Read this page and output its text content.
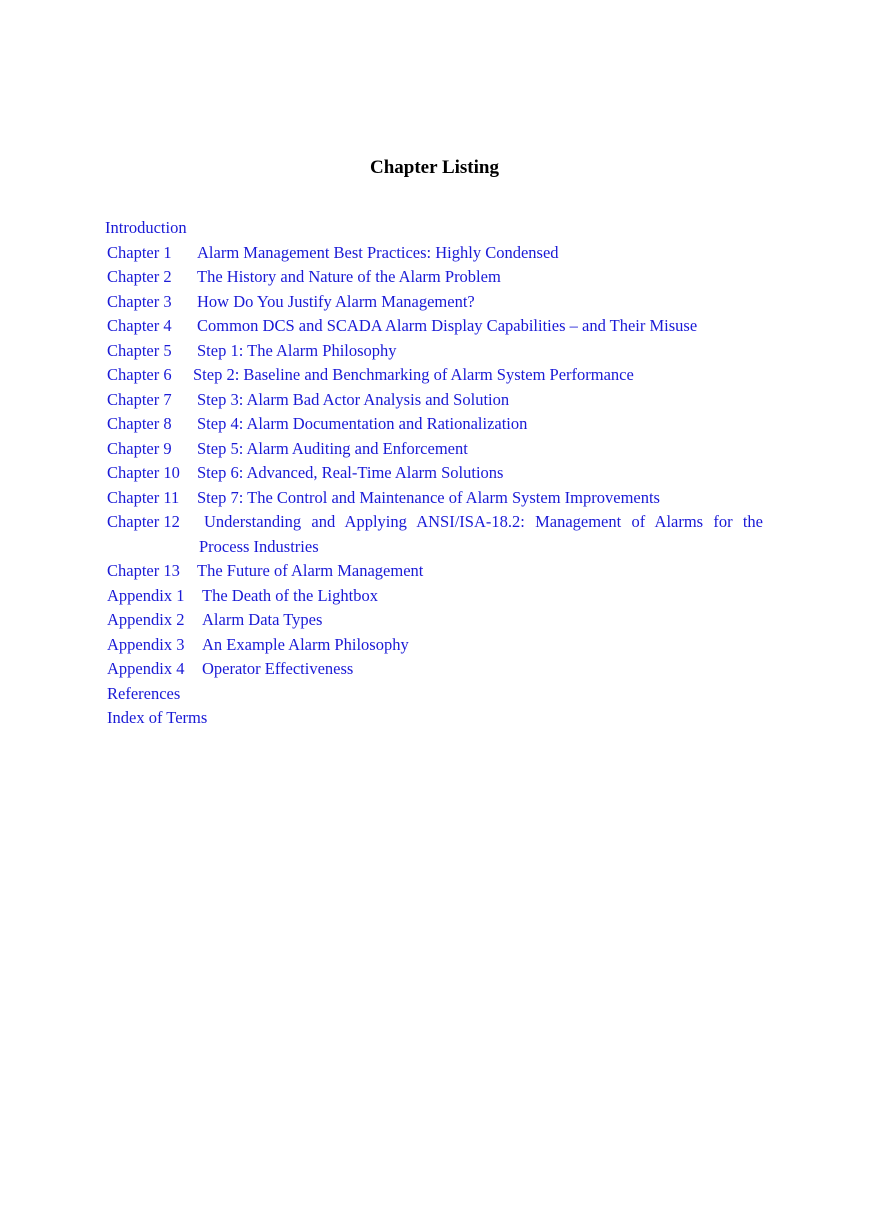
Chapter Listing
Introduction
Chapter 1 Alarm Management Best Practices: Highly Condensed
Chapter 2 The History and Nature of the Alarm Problem
Chapter 3 How Do You Justify Alarm Management?
Chapter 4 Common DCS and SCADA Alarm Display Capabilities – and Their Misuse
Chapter 5 Step 1: The Alarm Philosophy
Chapter 6 Step 2: Baseline and Benchmarking of Alarm System Performance
Chapter 7 Step 3: Alarm Bad Actor Analysis and Solution
Chapter 8 Step 4: Alarm Documentation and Rationalization
Chapter 9 Step 5: Alarm Auditing and Enforcement
Chapter 10 Step 6: Advanced, Real-Time Alarm Solutions
Chapter 11 Step 7: The Control and Maintenance of Alarm System Improvements
Chapter 12 Understanding and Applying ANSI/ISA-18.2: Management of Alarms for the
Process Industries
Chapter 13 The Future of Alarm Management
Appendix 1 The Death of the Lightbox
Appendix 2 Alarm Data Types
Appendix 3 An Example Alarm Philosophy
Appendix 4 Operator Effectiveness
References
Index of Terms
